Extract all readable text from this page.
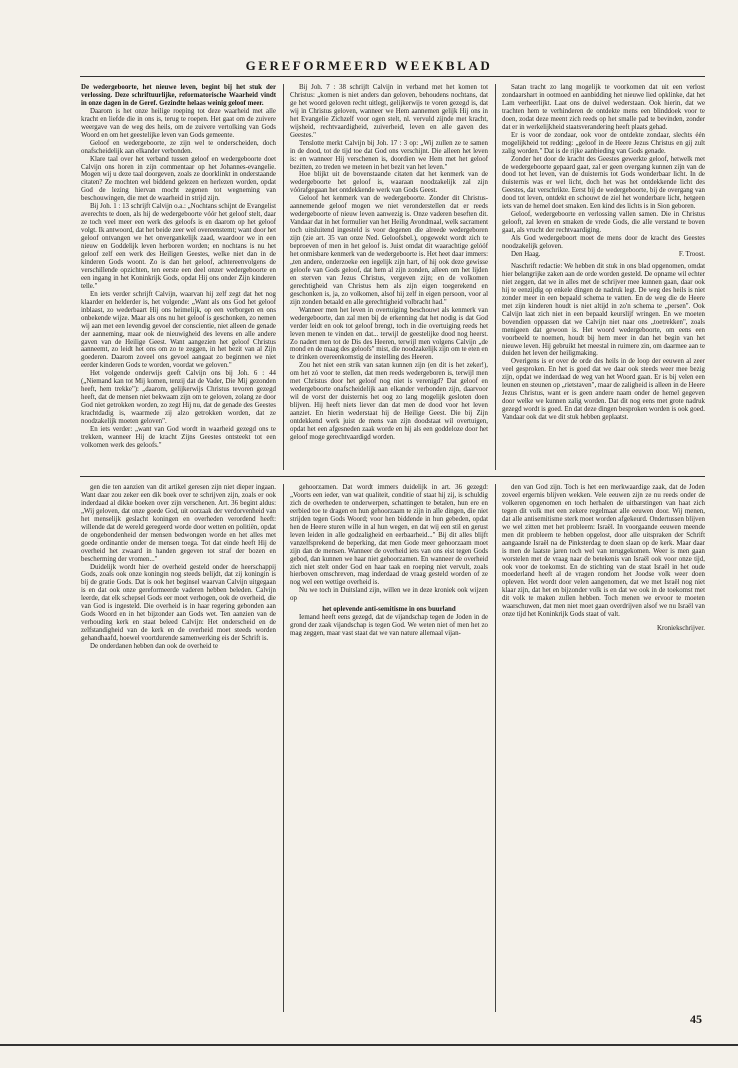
GEREFORMEERD WEEKBLAD

De wedergeboorte, het nieuwe leven, begint bij het stuk der verlossing. Deze schriftuurlijke, reformatorische Waarheid vindt in onze dagen in de Geref. Gezindte helaas weinig geloof meer.

Daarom is het onze heilige roeping tot deze waarheid met alle kracht en liefde die in ons is, terug te roepen. Het gaat om de zuivere weergave van de weg des heils, om de zuivere vertolking van Gods Woord en om het geestelijke leven van Gods gemeente.

Geloof en wedergeboorte, ze zijn wel te onderscheiden, doch onafscheidelijk aan elkander verbonden.

Klare taal over het verband tussen geloof en wedergeboorte doet Calvijn ons horen in zijn commentaar op het Johannes-evangelie. Mogen wij u deze taal doorgeven, zoals ze doorklinkt in onderstaande citaten? Ze mochten wel biddend gelezen en herlezen worden, opdat God de lezing hiervan mocht zegenen tot wegneming van beschouwingen, die met de waarheid in strijd zijn.

Bij Joh. 1 : 13 schrijft Calvijn o.a.: „Nochtans schijnt de Evangelist averechts te doen, als hij de wedergeboorte vóór het geloof stelt, daar ze toch veel meer een werk des geloofs is en daarom op het geloof volgt. Ik antwoord, dat het beide zeer wel overeenstemt; want door het geloof ontvangen we het onvergankelijk zaad, waardoor we in een nieuw en Goddelijk leven herboren worden; en nochtans is nu het geloof zelf een werk des Heiligen Geestes, welke niet dan in de kinderen Gods woont. Zo is dan het geloof, achtereenvolgens de verschillende opzichten, ten eerste een deel onzer wedergeboorte en een ingang in het Koninkrijk Gods, opdat Hij ons onder Zijn kinderen telle."

En iets verder schrijft Calvijn, waarvan hij zelf zegt dat het nog klaarder en helderder is, het volgende: „Want als ons God het geloof inblaast, zo wederbaart Hij ons heimelijk, op een verborgen en ons onbekende wijze. Maar als ons nu het geloof is geschonken, zo nemen wij aan met een levendig gevoel der conscientie, niet alleen de genade der aanneming, maar ook de nieuwigheid des levens en alle andere gaven van de Heilige Geest. Want aangezien het geloof Christus aanneemt, zo leidt het ons om zo te zeggen, in het bezit van al Zijn goederen. Daarom zoveel ons gevoel aangaat zo beginnen we niet eerder kinderen Gods te worden, voordat we geloven."

Het volgende onderwijs geeft Calvijn ons bij Joh. 6 : 44 („Niemand kan tot Mij komen, tenzij dat de Vader, Die Mij gezonden heeft, hem trekke"): „daarom, gelijkerwijs Christus tevoren gezegd heeft, dat de mensen niet bekwaam zijn om te geloven, zolang ze door God niet getrokken worden, zo zegt Hij nu, dat de genade des Geestes krachtdadig is, waarmede zij alzo getrokken worden, dat ze noodzakelijk moeten geloven".

En iets verder: „want van God wordt in waarheid gezegd ons te trekken, wanneer Hij de kracht Zijns Geestes ontsteekt tot een volkomen werk des geloofs."

Bij Joh. 7 : 38 schrijft Calvijn in verband met het komen tot Christus: „komen is niet anders dan geloven, behoudens nochtans, dat ge het woord geloven recht uitlegt, gelijkerwijs te voren gezegd is, dat wij in Christus geloven, wanneer we Hem aannemen gelijk Hij ons in het Evangelie Zichzelf voor ogen stelt, nl. vervuld zijnde met kracht, wijsheid, rechtvaardigheid, zuiverheid, leven en alle gaven des Geestes."

Tenslotte merkt Calvijn bij Joh. 17 : 3 op: „Wij zullen ze te samen in de dood, tot de tijd toe dat God ons verschijnt. Die alleen het leven is: en wanneer Hij verschenen is, doordien we Hem met het geloof bezitten, zo treden we meteen in het bezit van het leven."

Hoe blijkt uit de bovenstaande citaten dat het kenmerk van de wedergeboorte het geloof is, waaraan noodzakelijk zal zijn vóórafgegaan het ontdekkende werk van Gods Geest.

Geloof het kenmerk van de wedergeboorte. Zonder dit Christus-aannemende geloof mogen we niet veronderstellen dat er reeds wedergeboorte of nieuw leven aanwezig is. Onze vaderen beseften dit. Vandaar dat in het formulier van het Heilig Avondmaal, welk sacrament toch uitsluitend ingesteld is voor degenen die alreede wedergeboren zijn (zie art. 35 van onze Ned. Geloofsbel.), opgewekt wordt zich te beproeven of men in het geloof is. Juist omdat dit waarachtige gelóóf het onmisbare kenmerk van de wedergeboorte is. Het heet daar immers: „ten andere, onderzoeke een iegelijk zijn hart, of hij ook deze gewisse geloofe van Gods geloof, dat hem al zijn zonden, alleen om het lijden en sterven van Jezus Christus, vergeven zijn; en de volkomen gerechtigheid van Christus hem als zijn eigen toegerekend en geschonken is, ja, zo volkomen, alsof hij zelf in eigen persoon, voor al zijn zonden betaald en alle gerechtigheid volbracht had."

Wanneer men het leven in overtuiging beschouwt als kenmerk van wedergeboorte, dan zal men bij de erkenning dat het nodig is dat God verder leidt en ook tot geloof brengt, toch in die overtuiging reeds het leven menen te vinden en dat... terwijl de geestelijke dood nog heerst. Zo nadert men tot de Dis des Heeren, terwijl men volgens Calvijn „de mond en de maag des geloofs" mist, die noodzakelijk zijn om te eten en te drinken overeenkomstig de instelling des Heeren.

Zou het niet een strik van satan kunnen zijn (en dit is het zeker!), om het zó voor te stellen, dat men reeds wedergeboren is, terwijl men met Christus door het geloof nog niet is verenigd? Dat geloof en wedergeboorte onafscheidelijk aan elkander verbonden zijn, daarvoor wil de vorst der duisternis het oog zo lang mogelijk gesloten doen blijven. Hij heeft niets liever dan dat men de dood voor het leven aanziet. En hierin wederstaat hij de Heilige Geest. Die bij Zijn ontdekkend werk juist de mens van zijn doodstaat wil overtuigen, opdat het een afgesneden zaak worde en hij als een goddeloze door het geloof moge gerechtvaardigd worden.

Satan tracht zo lang mogelijk te voorkomen dat uit een verlost zondaarshart in ootmoed en aanbidding het nieuwe lied opklinke, dat het Lam verheerlijkt. Laat ons de duivel wederstaan. Ook hierin, dat we trachten hem te verhinderen de ontdekte mens een blinddoek voor te doen, zodat deze meent zich reeds op het smalle pad te bevinden, zonder dat er in werkelijkheid staatsverandering heeft plaats gehad.

Er is voor de zondaar, ook voor de ontdekte zondaar, slechts één mogelijkheid tot redding: „geloof in de Heere Jezus Christus en gij zult zalig worden." Dat is de rijke aanbieding van Gods genade.

Zonder het door de kracht des Geestes gewerkte geloof, hetwelk met de wedergeboorte gepaard gaat, zal er geen overgang kunnen zijn van de dood tot het leven, van de duisternis tot Gods wonderbaar licht. In de duisternis was er wel licht, doch het was het ontdekkende licht des Geestes, dat verschrikte. Eerst bij de wedergeboorte, bij de overgang van dood tot leven, ontdekt en schouwt de ziel het wonderbare licht, hetgeen iets van de hemel doet smaken. Een kind des lichts is in Sion geboren.

Geloof, wedergeboorte en verlossing vallen samen. Die in Christus gelooft, zal leven en smaken de vrede Gods, die alle verstand te boven gaat, als vrucht der rechtvaardiging.

Als God wedergeboort moet de mens door de kracht des Geestes noodzakelijk geloven.

Den Haag.	F. Troost.

Naschrift redactie: We hebben dit stuk in ons blad opgenomen, omdat hier belangrijke zaken aan de orde worden gesteld. De opname wil echter niet zeggen, dat we in alles met de schrijver mee kunnen gaan, daar ook hij te eenzijdig op enkele dingen de nadruk legt. De weg des heils is niet zonder meer in een bepaald schema te vatten. En de weg die de Heere met zijn kinderen houdt is niet altijd in zo'n schema te „persen". Ook Calvijn laat zich niet in een bepaald keurslijf wringen. En we moeten bovendien oppassen dat we Calvijn niet naar ons „toetrekken", zoals menigeen dat gewoon is. Het woord wedergeboorte, om eens een voorbeeld te noemen, houdt bij hem meer in dan het begin van het nieuwe leven. Hij gebruikt het meestal in ruimere zin, om daarmee aan te duiden het leven der heiligmaking.

Overigens is er over de orde des heils in de loop der eeuwen al zeer veel gesproken. En het is goed dat we daar ook steeds weer mee bezig zijn, opdat we inderdaad de weg van het Woord gaan. Er is bij velen een leunen en steunen op „rietstaven", maar de zaligheid is alleen in de Heere Jezus Christus, want er is geen andere naam onder de hemel gegeven door welke we kunnen zalig worden. Dat dit nog eens met grote nadruk gezegd wordt is goed. En dat deze dingen besproken worden is ook goed. Vandaar ook dat we dit stuk hebben geplaatst.

gen die ten aanzien van dit artikel geresen zijn niet dieper ingaan. Want daar zou zeker een dik boek over te schrijven zijn, zoals er ook inderdaad al dikke boeken over zijn verschenen. Art. 36 begint aldus: „Wij geloven, dat onze goede God, uit oorzaak der verdorvenheid van het menselijk geslacht koningen en overheden verordend heeft: willende dat de wereld geregeerd worde door wetten en politiën, opdat de ongebondenheid der mensen bedwongen worde en het alles met goede ordinantie onder de mensen toega. Tot dat einde heeft Hij de overheid het zwaard in handen gegeven tot straf der bozen en bescherming der vromen..."

Duidelijk wordt hier de overheid gesteld onder de heerschappij Gods, zoals ook onze koningin nog steeds belijdt, dat zij koningin is bij de gratie Gods. Dat is ook het beginsel waarvan Calvijn uitgegaan is en dat ook onze gereformeerde vaderen hebben beleden. Calvijn leerde, dat elk schepsel Gods eer moet verhogen, ook de overheid, die van God is ingesteld. Die overheid is in haar regering gebonden aan Gods Woord en in het bijzonder aan Gods wet. Ten aanzien van de verhouding kerk en staat beleed Calvijn: Het onderscheid en de zelfstandigheid van de kerk en de overheid moet steeds worden gehandhaafd, hoewel voortdurende samenwerking eis der Schrift is.

De onderdanen hebben dan ook de overheid te

gehoorzamen. Dat wordt immers duidelijk in art. 36 gezegd: „Voorts een ieder, van wat qualiteit, conditie of staat hij zij, is schuldig zich de overheden te onderwerpen, schattingen te betalen, hun ere en eerbied toe te dragen en hun gehoorzaam te zijn in alle dingen, die niet strijden tegen Gods Woord; voor hen biddende in hun gebeden, opdat hen de Heere sturen wille in al hun wegen, en dat wij een stil en gerust leven leiden in alle godzaligheid en eerbaarheid..." Bij dit alles blijft vanzelfsprekend de beperking, dat men Gode meer gehoorzaam moet zijn dan de mensen. Wanneer de overheid iets van ons eist tegen Gods gebod, dan kunnen we haar niet gehoorzamen. En wanneer de overheid zich niet stelt onder God en haar taak en roeping niet vervult, zoals hierboven omschreven, mag inderdaad de vraag gesteld worden of ze nog wel een wettige overheid is.

Nu we toch in Duitsland zijn, willen we in deze kroniek ook wijzen op

het oplevende anti-semitisme in ons buurland

Iemand heeft eens gezegd, dat de vijandschap tegen de Joden in de grond der zaak vijandschap is tegen God. We weten niet of men het zo mag zeggen, maar vast staat dat we van nature allemaal vijan-

den van God zijn. Toch is het een merkwaardige zaak, dat de Joden zoveel ergernis blijven wekken. Vele eeuwen zijn ze nu reeds onder de volkeren opgenomen en toch herhalen de uitbarstingen van haat zich tegen dit volk met een zekere regelmaat alle eeuwen door. Wij menen, dat alle antisemitisme sterk moet worden afgekeurd. Ondertussen blijven we wel zitten met het probleem: Israël. In voorgaande eeuwen meende men dit probleem te hebben opgelost, door alle uitspraken der Schrift aangaande Israël na de Pinksterdag te doen slaan op de kerk. Maar daar is men de laatste jaren toch wel van teruggekomen. Weer is men gaan worstelen met de vraag naar de betekenis van Israël ook voor onze tijd, ook voor de toekomst. En de stichting van de staat Israël in het oude moederland heeft al de vragen rondom het Joodse volk weer doen opleven. Het wordt door velen aangenomen, dat we met Israël nog niet klaar zijn, dat het en bijzonder volk is en dat we ook in de toekomst met dit volk te maken zullen hebben. Toch menen we ervoor te moeten waarschuwen, dat men niet moet gaan overdrijven alsof we nu Israël van onze tijd het Koninkrijk Gods staat of valt.

Kroniekschrijver.

45
